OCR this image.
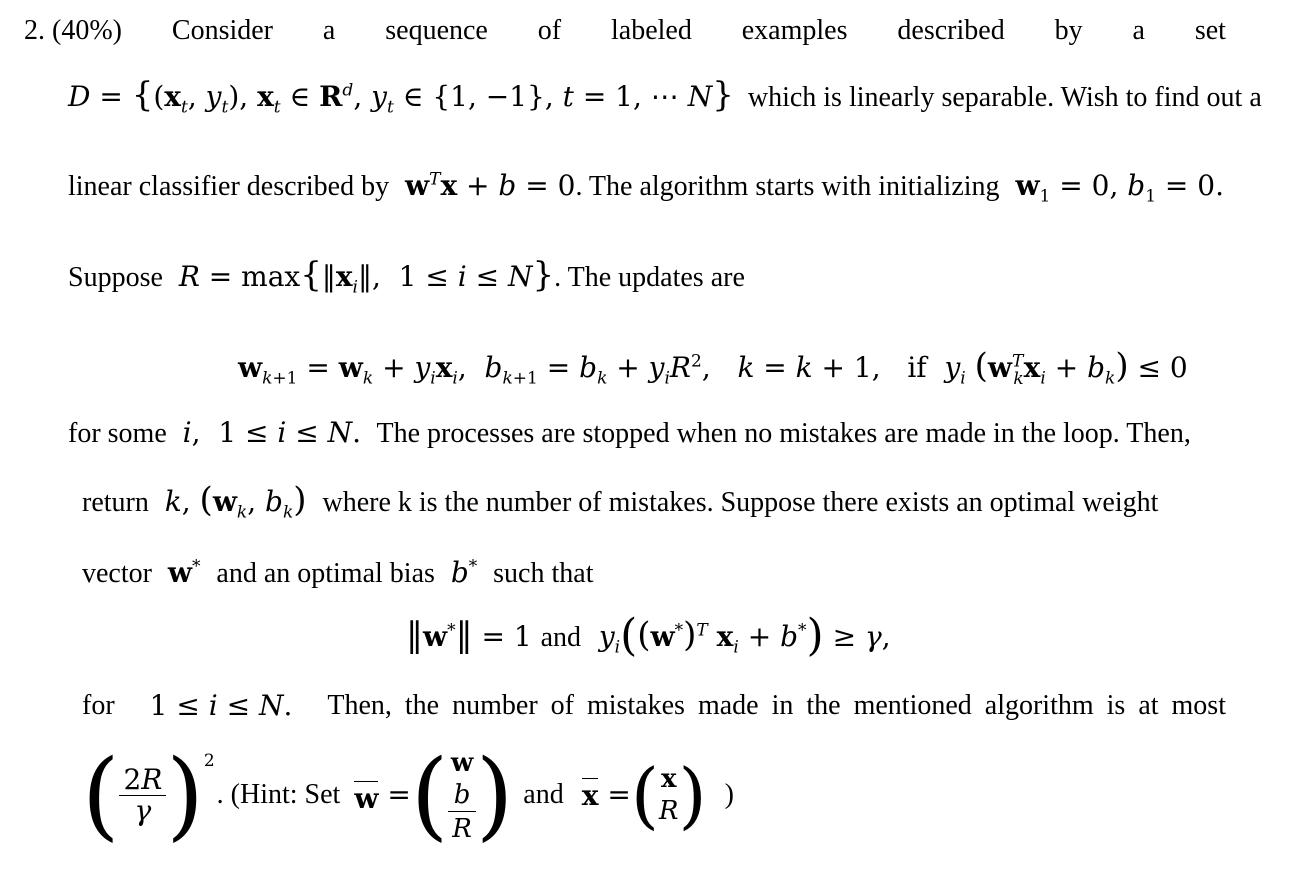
2. (40%) Consider a sequence of labeled examples described by a set
$D = \{(x_t$, $y_t$), $x_t$ ∈ $R^d$, $y_t$ ∈ {1, −1}, t = 1, ⋯ N} which is linearly separable. Wish to find out a
linear classifier described by $w^Tx + b = 0$. The algorithm starts with initializing $w_1 = 0$, $b_1 = 0$.
Suppose $R = \max\{‖x_i‖$,  1 ≤ i ≤ N}. The updates are
$w_{k+1} = w_k + y_ix_i$,  $b_{k+1} = b_k + y_iR^2$,   k = k + 1,   if $y_i$ $(w^T_kx_i + b_k) \le 0$
for some i,  1 ≤ i ≤ N.  The processes are stopped when no mistakes are made in the loop. Then,
return k, ($w_k$, $b_k$) where k is the number of mistakes. Suppose there exists an optimal weight
vector w* and an optimal bias b* such that
‖w*‖ = 1 and $y_i((w^*)^T$ $x_i + b^*) \ge \gamma$,
for 1 ≤ i ≤ N. Then, the number of mistakes made in the mentioned algorithm is at most
( $\frac{2R}{\gamma}$ ) 2
. (Hint: Set w = ( w
b
R ) and x = ( x
R ) )
